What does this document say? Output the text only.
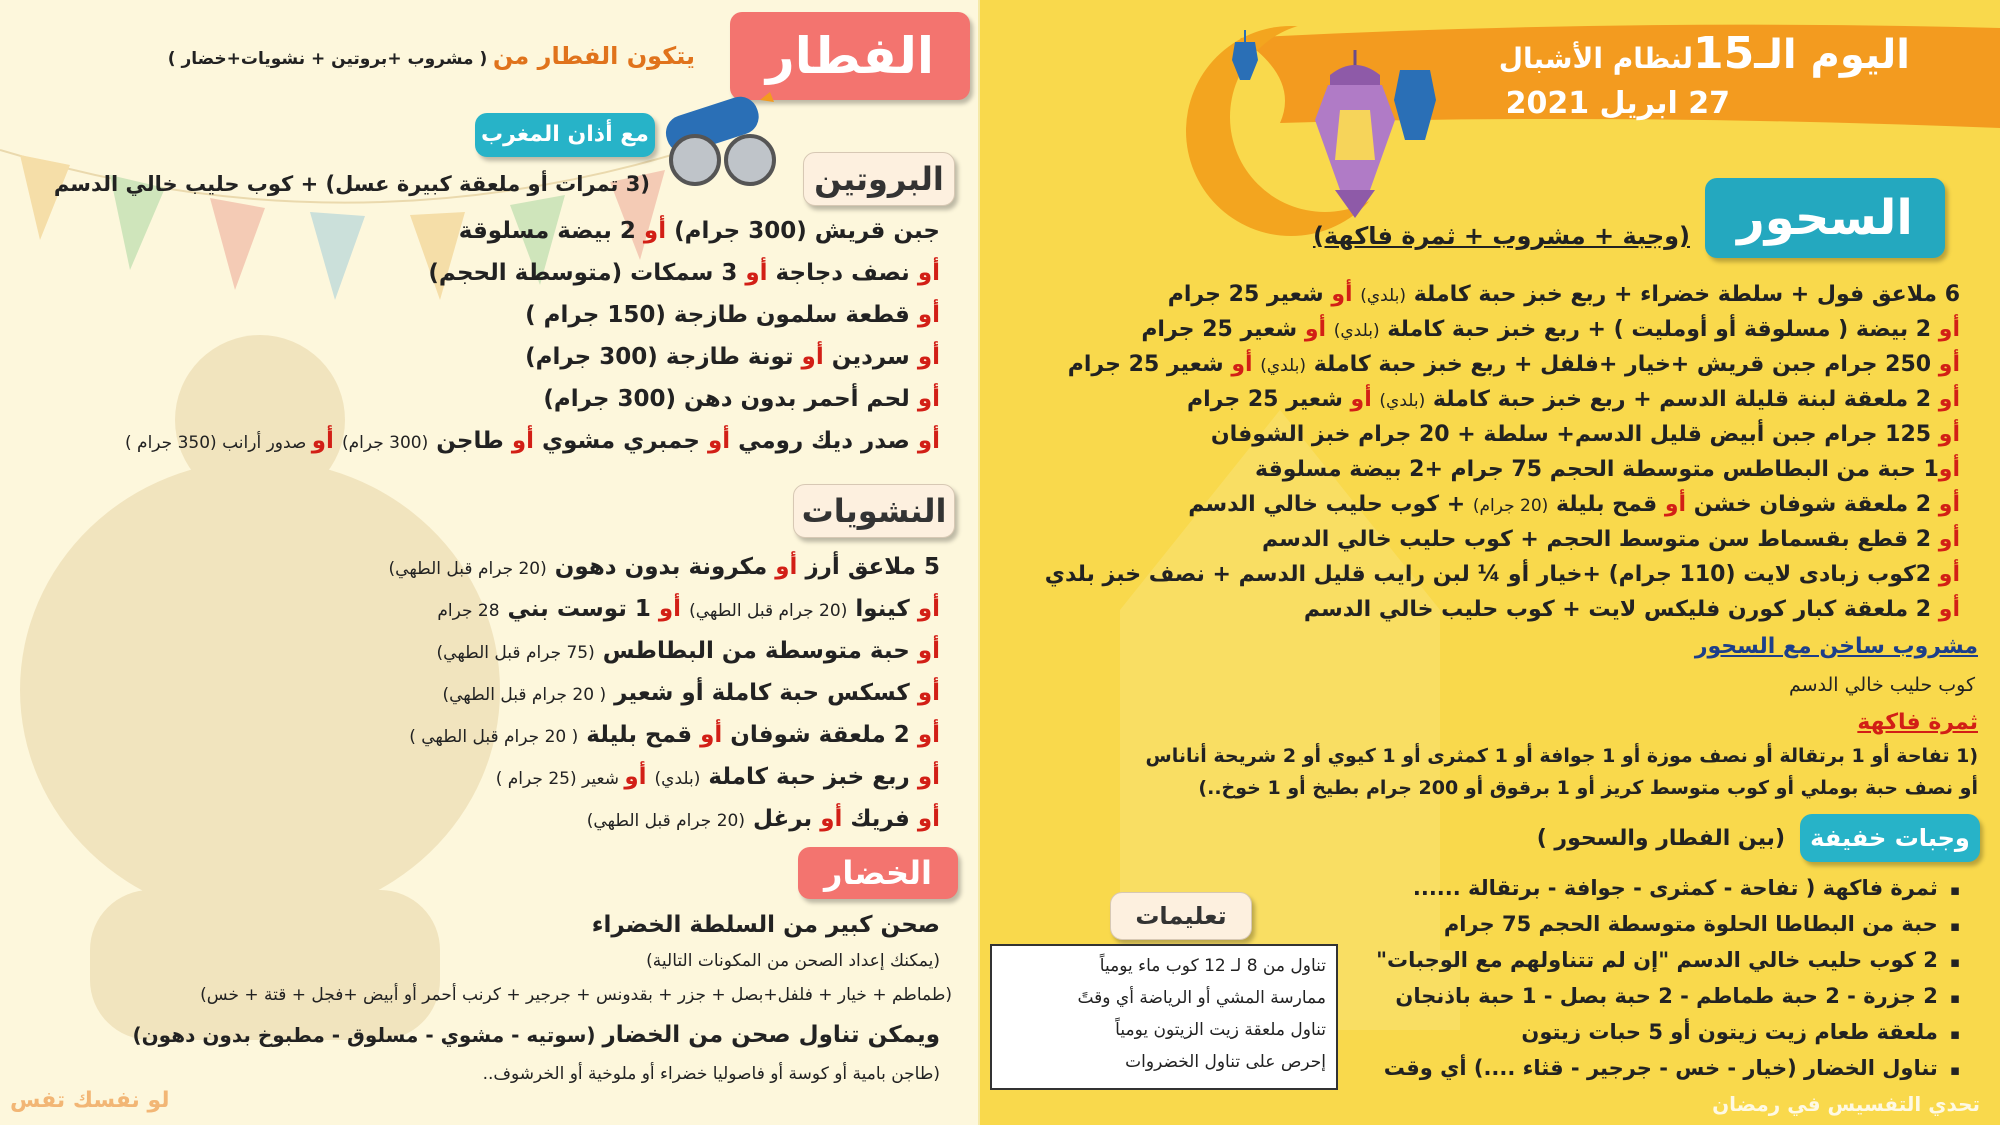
الفطار
يتكون الفطار من ( مشروب +بروتين + نشويات+خضار )
مع أذان المغرب
البروتين
(3 تمرات أو ملعقة كبيرة عسل) + كوب حليب خالي الدسم
جبن قريش (300 جرام) أو 2 بيضة مسلوقة
أو نصف دجاجة أو 3 سمكات (متوسطة الحجم)
أو قطعة سلمون طازجة (150 جرام )
أو سردين أو تونة طازجة (300 جرام)
أو لحم أحمر بدون دهن (300 جرام)
أو صدر ديك رومي أو جمبري مشوي أو طاجن (300 جرام) أو صدور أرانب (350 جرام )
النشويات
5 ملاعق أرز أو مكرونة بدون دهون (20 جرام قبل الطهي)
أو كينوا (20 جرام قبل الطهي) أو 1 توست بني 28 جرام
أو حبة متوسطة من البطاطس (75 جرام قبل الطهي)
أو كسكس حبة كاملة أو شعير ( 20 جرام قبل الطهي)
أو 2 ملعقة شوفان أو قمح بليلة ( 20 جرام قبل الطهي )
أو ربع خبز حبة كاملة (بلدي) أو شعير (25 جرام )
أو فريك أو برغل (20 جرام قبل الطهي)
الخضار
صحن كبير من السلطة الخضراء
(يمكنك إعداد الصحن من المكونات التالية)
(طماطم + خيار + فلفل+بصل + جزر + بقدونس + جرجير + كرنب أحمر أو أبيض +فجل + قتة + خس)
ويمكن تناول صحن من الخضار (سوتيه - مشوي - مسلوق - مطبوخ بدون دهون)
(طاجن بامية أو كوسة أو فاصوليا خضراء أو ملوخية أو الخرشوف..
لو نفسك تفس
اليوم الـ15لنظام الأشبال
27 ابريل 2021
السحور
(وجبة + مشروب + ثمرة فاكهة)
6 ملاعق فول + سلطة خضراء + ربع خبز حبة كاملة (بلدي) أو شعير 25 جرام
أو 2 بيضة ( مسلوقة أو أومليت ) + ربع خبز حبة كاملة (بلدي) أو شعير 25 جرام
أو 250 جرام جبن قريش +خيار +فلفل + ربع خبز حبة كاملة (بلدي) أو شعير 25 جرام
أو 2 ملعقة لبنة قليلة الدسم + ربع خبز حبة كاملة (بلدي) أو شعير 25 جرام
أو 125 جرام جبن أبيض قليل الدسم+ سلطة + 20 جرام خبز الشوفان
أو1 حبة من البطاطس متوسطة الحجم 75 جرام +2 بيضة مسلوقة
أو 2 ملعقة شوفان خشن أو قمح بليلة (20 جرام) + كوب حليب خالي الدسم
أو 2 قطع بقسماط سن متوسط الحجم + كوب حليب خالي الدسم
أو 2كوب زبادى لايت (110 جرام) +خيار أو ¼ لبن رايب قليل الدسم + نصف خبز بلدي
أو 2 ملعقة كبار كورن فليكس لايت + كوب حليب خالي الدسم
مشروب ساخن مع السحور
كوب حليب خالي الدسم
ثمرة فاكهة
(1 تفاحة أو 1 برتقالة أو نصف موزة أو 1 جوافة أو 1 كمثرى أو 1 كيوي أو 2 شريحة أناناس
أو نصف حبة بوملي أو كوب متوسط كريز أو 1 برقوق أو 200 جرام بطيخ أو 1 خوخ..)
وجبات خفيفة
(بين الفطار والسحور )
▪ ثمرة فاكهة ( تفاحة - كمثرى - جوافة - برتقالة ......
▪ حبة من البطاطا الحلوة متوسطة الحجم 75 جرام
▪ 2 كوب حليب خالي الدسم "إن لم تتناولهم مع الوجبات"
▪ 2 جزرة - 2 حبة طماطم - 2 حبة بصل - 1 حبة باذنجان
▪ ملعقة طعام زيت زيتون أو 5 حبات زيتون
▪ تناول الخضار (خيار - خس - جرجير - قثاء ....) أي وقت
تحدي التفسيس في رمضان
تعليمات
تناول من 8 لـ 12 كوب ماء يومياً
ممارسة المشي أو الرياضة أي وقتً
تناول ملعقة زيت الزيتون يومياً
إحرص على تناول الخضروات
